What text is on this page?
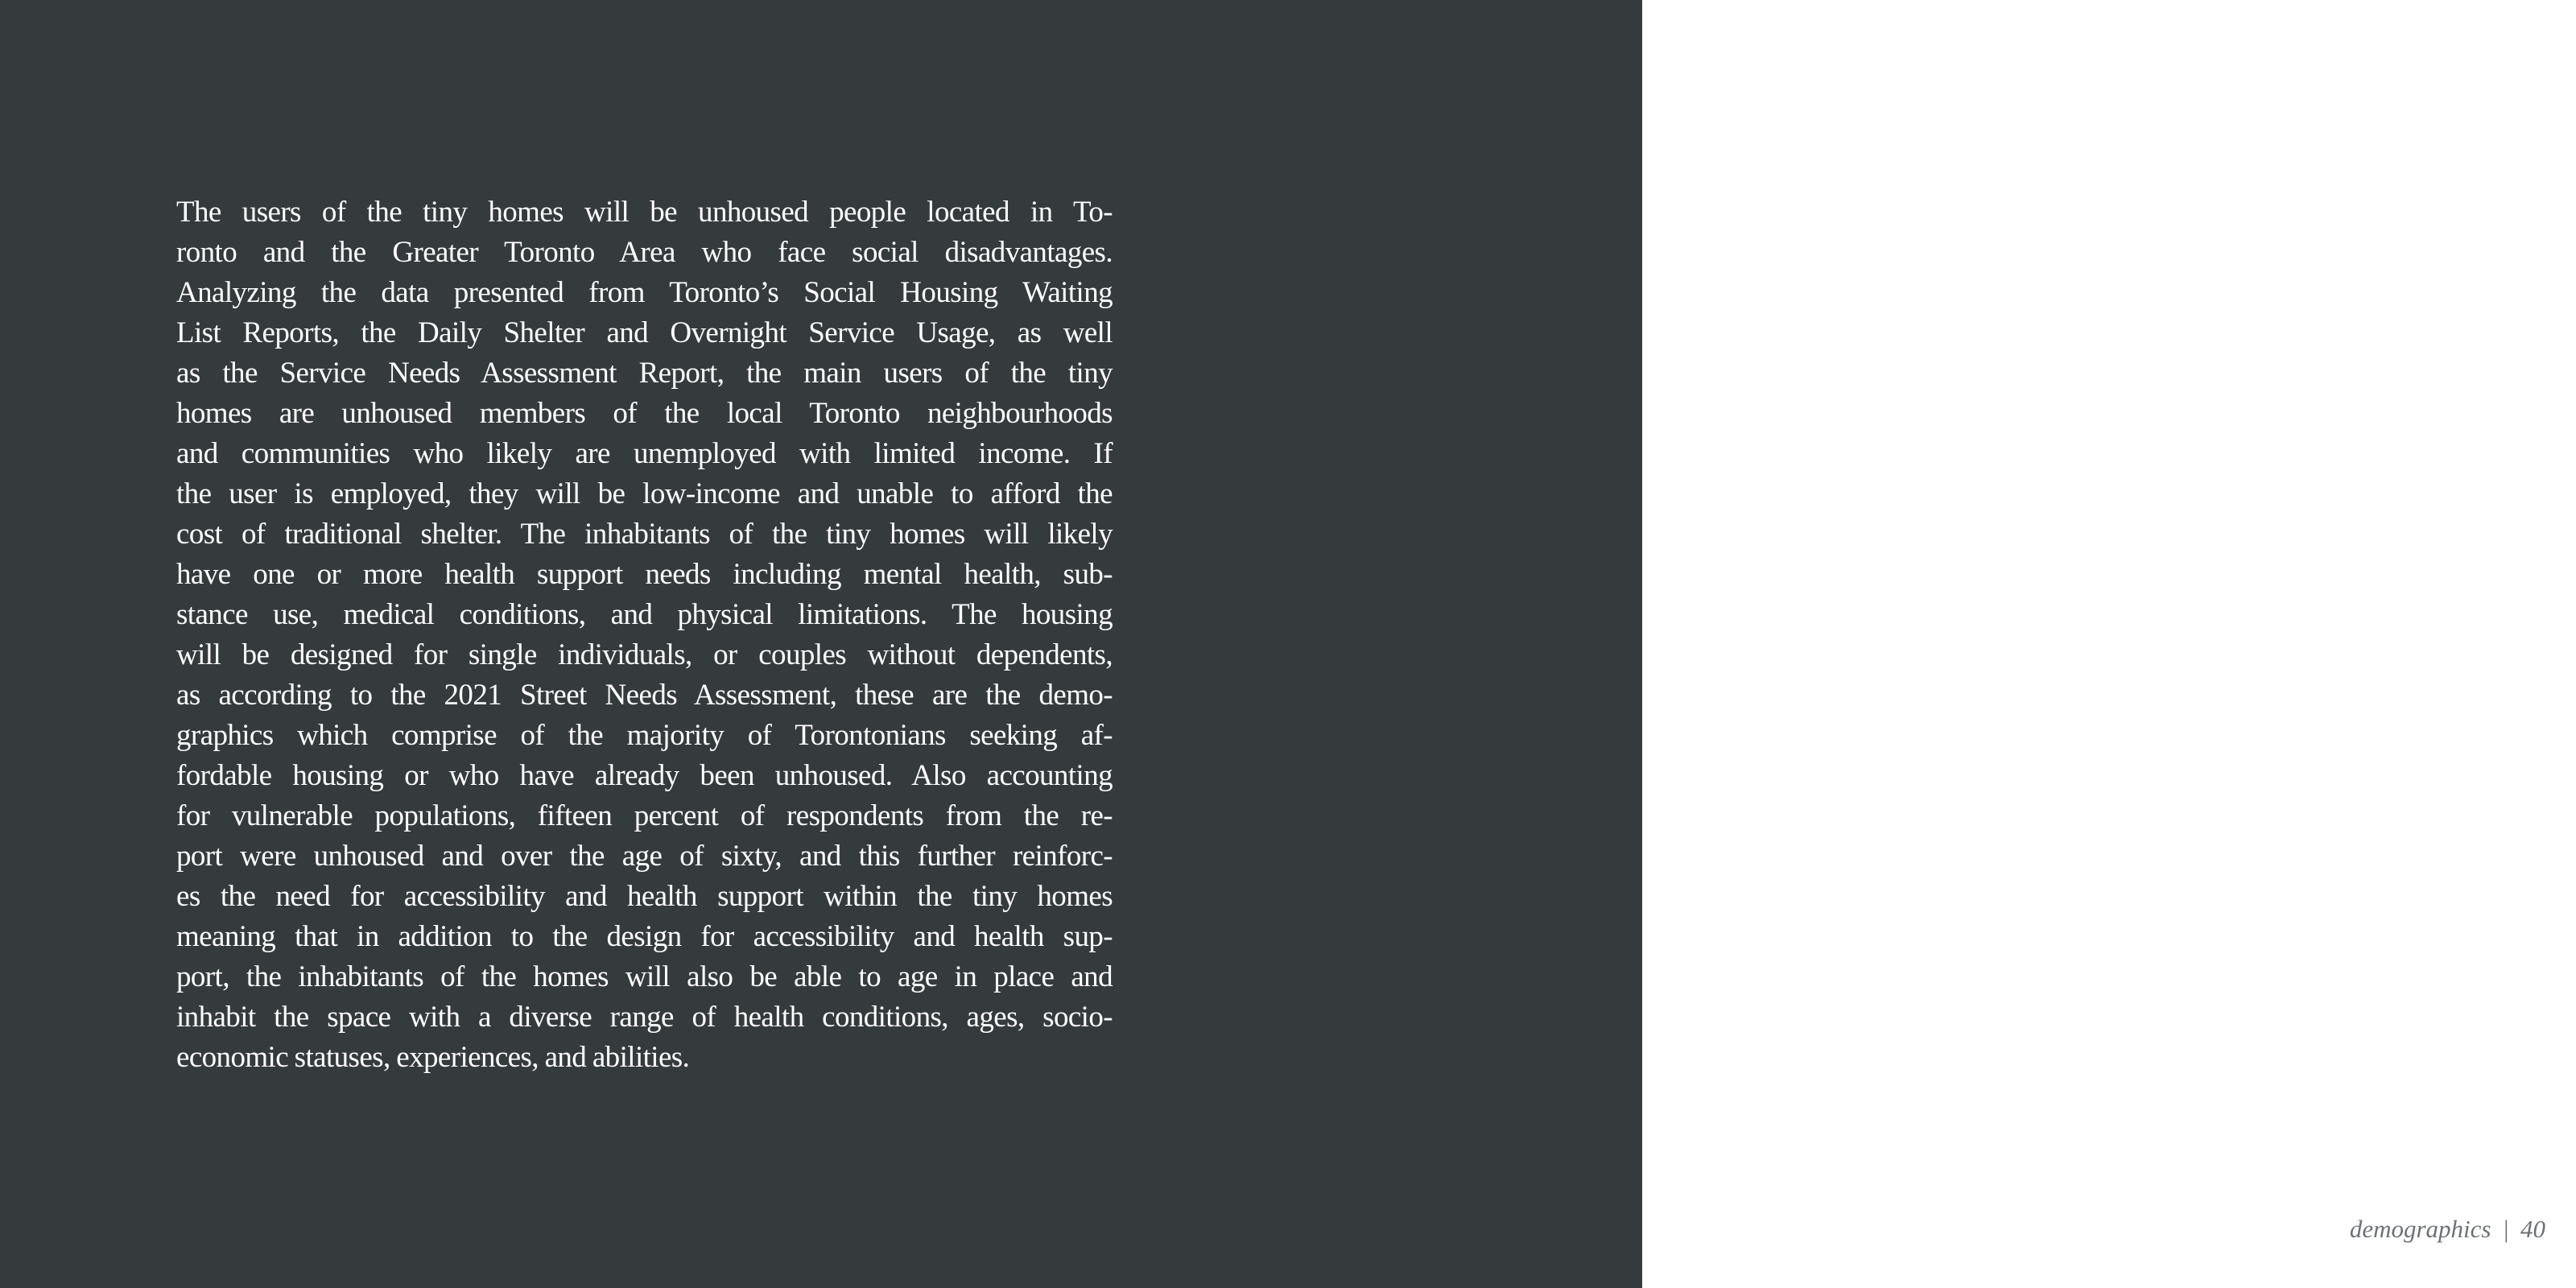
The users of the tiny homes will be unhoused people located in To-
ronto and the Greater Toronto Area who face social disadvantages.
Analyzing the data presented from Toronto’s Social Housing Waiting
List Reports, the Daily Shelter and Overnight Service Usage, as well
as the Service Needs Assessment Report, the main users of the tiny
homes are unhoused members of the local Toronto neighbourhoods
and communities who likely are unemployed with limited income. If
the user is employed, they will be low-income and unable to afford the
cost of traditional shelter. The inhabitants of the tiny homes will likely
have one or more health support needs including mental health, sub-
stance use, medical conditions, and physical limitations. The housing
will be designed for single individuals, or couples without dependents,
as according to the 2021 Street Needs Assessment, these are the demo-
graphics which comprise of the majority of Torontonians seeking af-
fordable housing or who have already been unhoused. Also accounting
for vulnerable populations, fifteen percent of respondents from the re-
port were unhoused and over the age of sixty, and this further reinforc-
es the need for accessibility and health support within the tiny homes
meaning that in addition to the design for accessibility and health sup-
port, the inhabitants of the homes will also be able to age in place and
inhabit the space with a diverse range of health conditions, ages, socio-
economic statuses, experiences, and abilities.
demographics | 40
